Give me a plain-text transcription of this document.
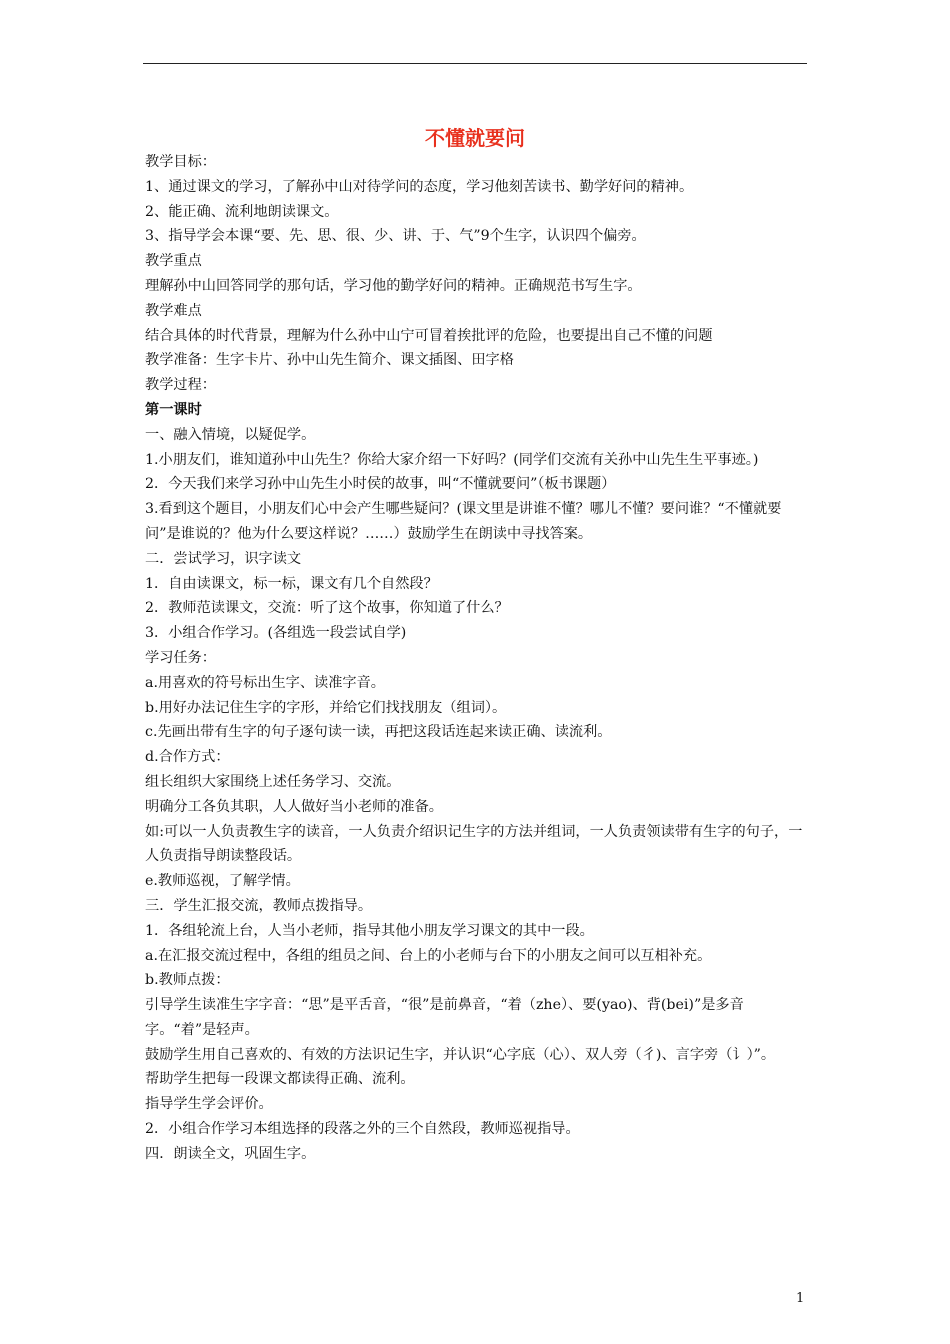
不懂就要问

教学目标：

1、通过课文的学习，了解孙中山对待学问的态度，学习他刻苦读书、勤学好问的精神。

2、能正确、流利地朗读课文。

3、指导学会本课“要、先、思、很、少、讲、于、气”9个生字，认识四个偏旁。

教学重点

理解孙中山回答同学的那句话，学习他的勤学好问的精神。正确规范书写生字。

教学难点

结合具体的时代背景，理解为什么孙中山宁可冒着挨批评的危险，也要提出自己不懂的问题

教学准备：生字卡片、孙中山先生简介、课文插图、田字格

教学过程：

第一课时

一、融入情境，以疑促学。

1.小朋友们，谁知道孙中山先生？你给大家介绍一下好吗？(同学们交流有关孙中山先生生平事迹。)

2．今天我们来学习孙中山先生小时侯的故事，叫“不懂就要问”（板书课题）

3.看到这个题目，小朋友们心中会产生哪些疑问？(课文里是讲谁不懂？哪儿不懂？要问谁？“不懂就要问”是谁说的？他为什么要这样说？……）鼓励学生在朗读中寻找答案。

二．尝试学习，识字读文

1．自由读课文，标一标，课文有几个自然段？

2．教师范读课文，交流：听了这个故事，你知道了什么？

3．小组合作学习。(各组选一段尝试自学)

学习任务：

a.用喜欢的符号标出生字、读准字音。

b.用好办法记住生字的字形，并给它们找找朋友（组词）。

c.先画出带有生字的句子逐句读一读，再把这段话连起来读正确、读流利。

d.合作方式：

组长组织大家围绕上述任务学习、交流。

明确分工各负其职，人人做好当小老师的准备。

如:可以一人负责教生字的读音，一人负责介绍识记生字的方法并组词，一人负责领读带有生字的句子，一人负责指导朗读整段话。

e.教师巡视，了解学情。

三．学生汇报交流，教师点拨指导。

1．各组轮流上台，人当小老师，指导其他小朋友学习课文的其中一段。

a.在汇报交流过程中，各组的组员之间、台上的小老师与台下的小朋友之间可以互相补充。

b.教师点拨：

引导学生读准生字字音：“思”是平舌音，“很”是前鼻音，“着（zhe）、要(yao)、背(bei)”是多音字。“着”是轻声。

鼓励学生用自己喜欢的、有效的方法识记生字，并认识“心字底（心）、双人旁（彳)、言字旁（讠）”。

帮助学生把每一段课文都读得正确、流利。

指导学生学会评价。

2．小组合作学习本组选择的段落之外的三个自然段，教师巡视指导。

四．朗读全文，巩固生字。

1
